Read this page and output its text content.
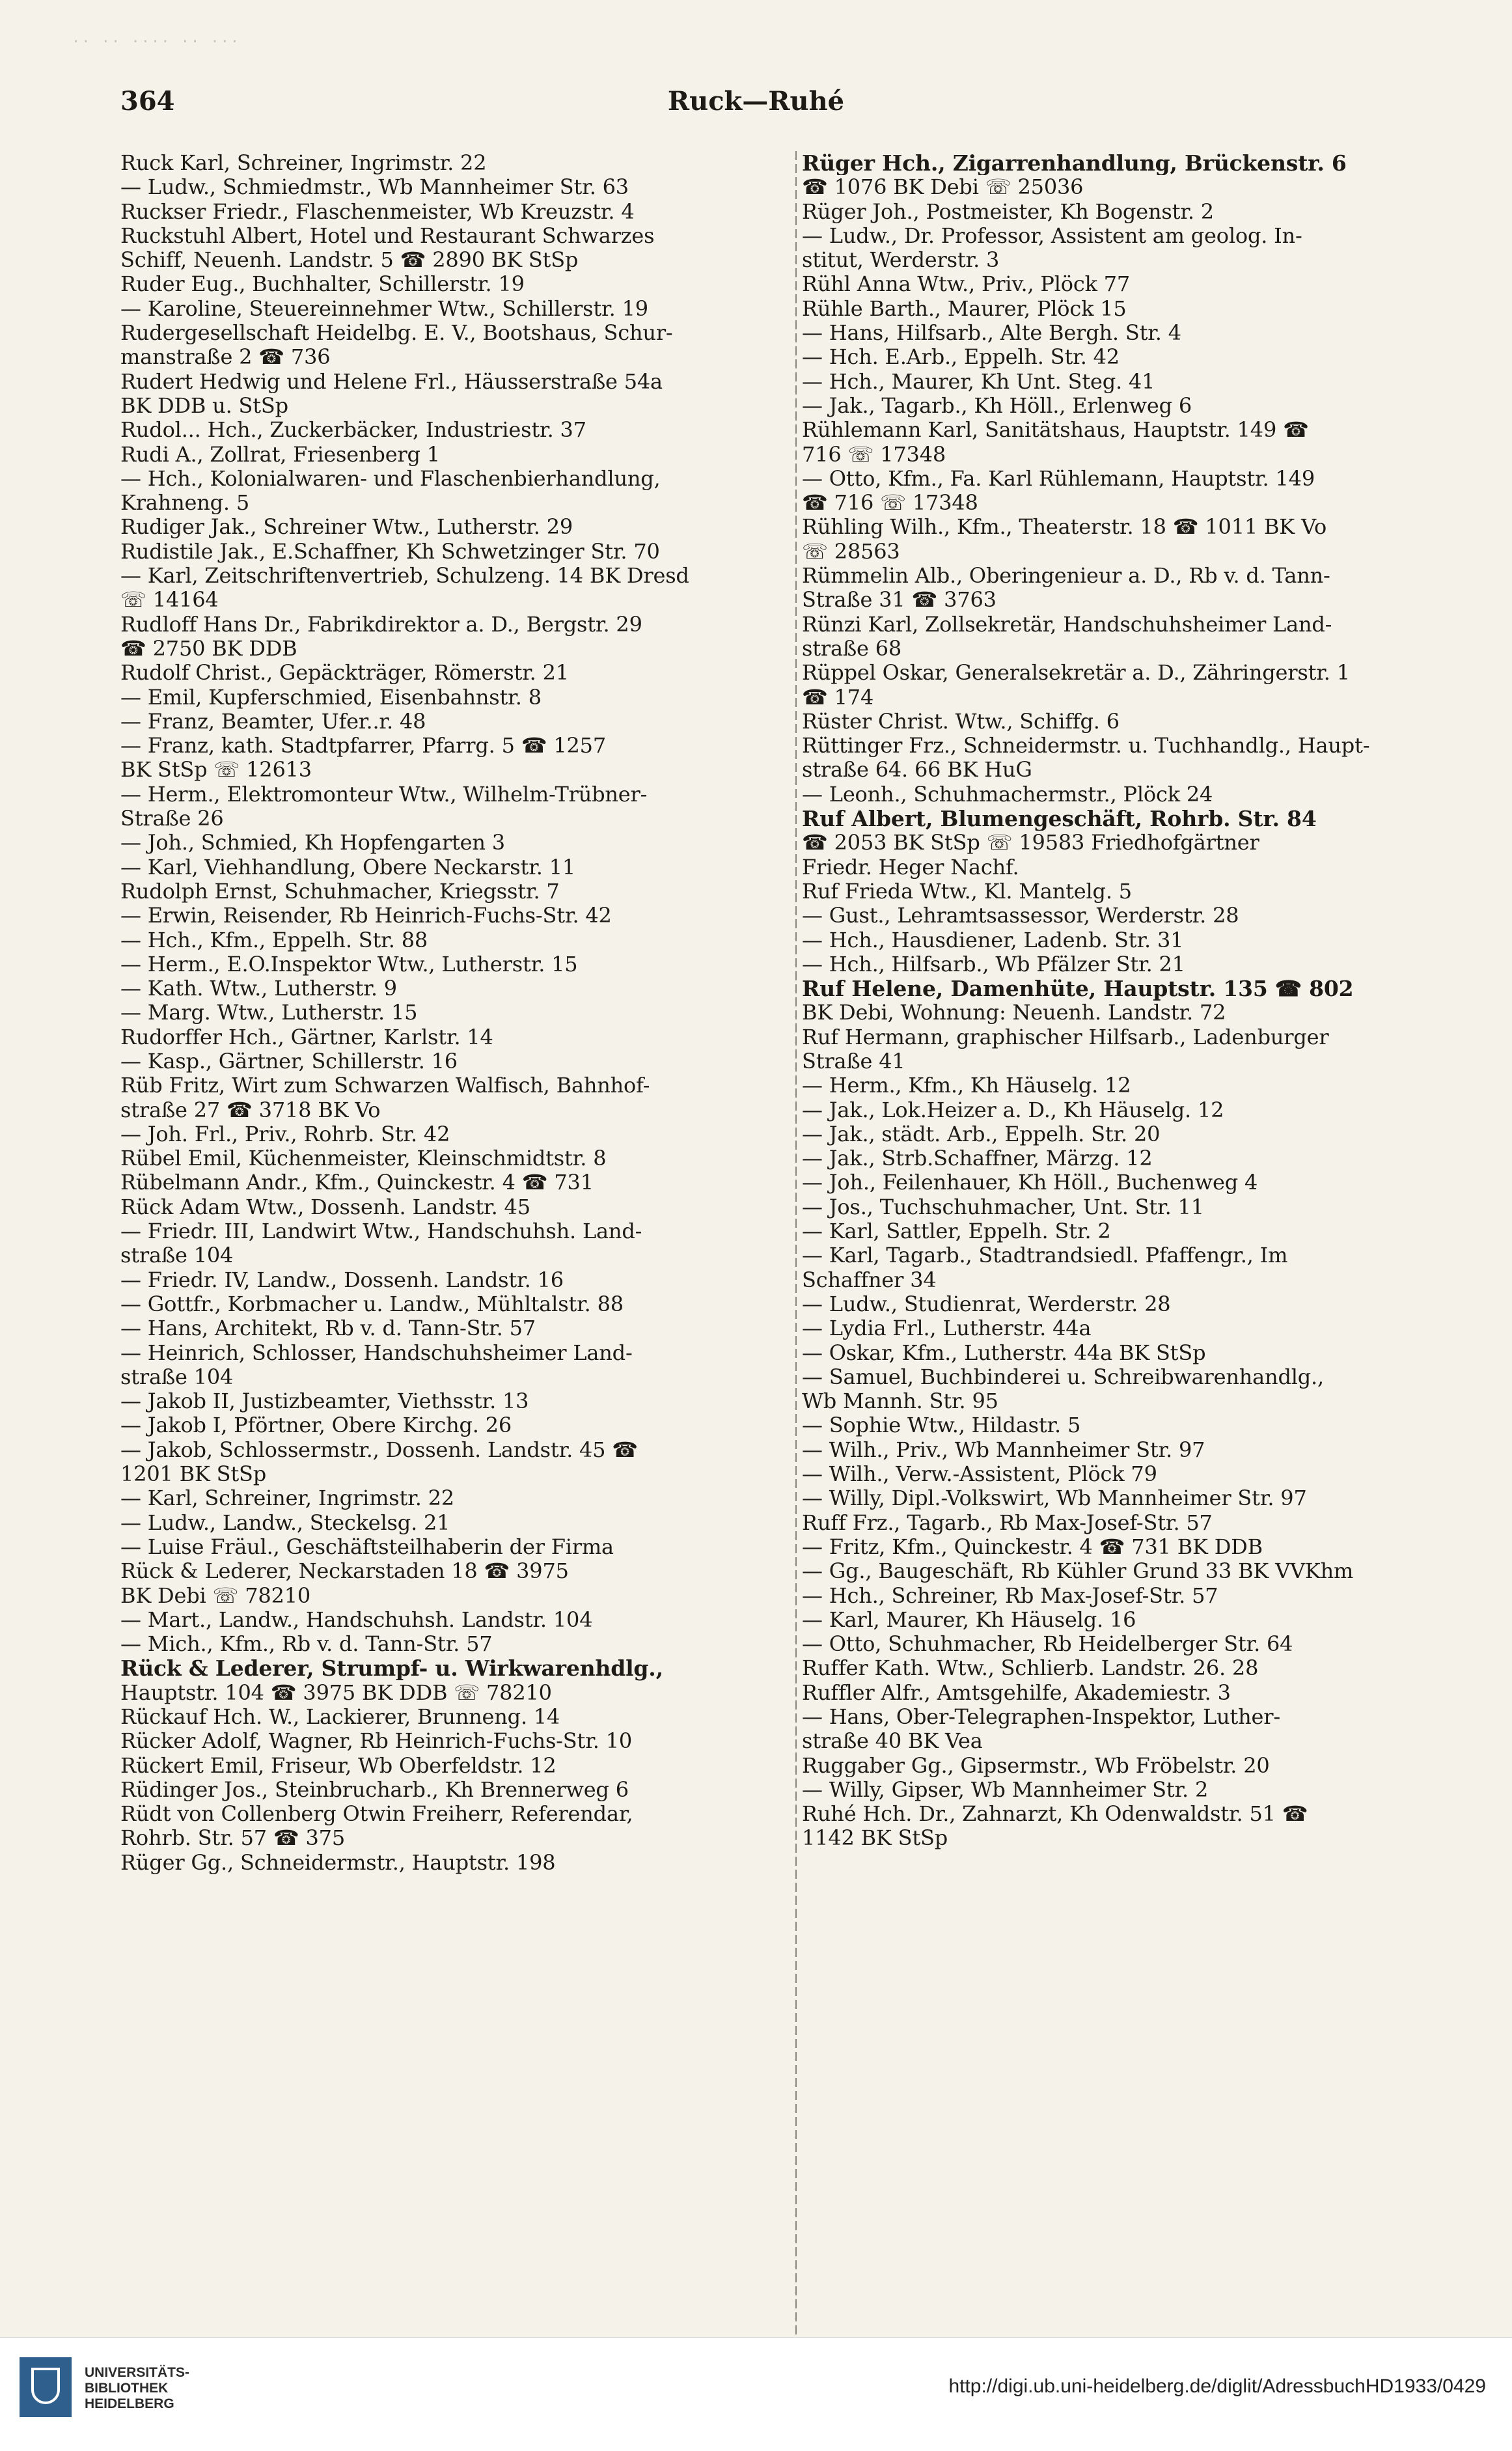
·· ·· ···· ·· ···
364	Ruck—Ruhé
Ruck Karl, Schreiner, Ingrimstr. 22
— Ludw., Schmiedmstr., Wb Mannheimer Str. 63
Ruckser Friedr., Flaschenmeister, Wb Kreuzstr. 4
Ruckstuhl Albert, Hotel und Restaurant Schwarzes
Schiff, Neuenh. Landstr. 5 ☎ 2890 BK StSp
Ruder Eug., Buchhalter, Schillerstr. 19
— Karoline, Steuereinnehmer Wtw., Schillerstr. 19
Rudergesellschaft Heidelbg. E. V., Bootshaus, Schur-
manstraße 2 ☎ 736
Rudert Hedwig und Helene Frl., Häusserstraße 54a
BK DDB u. StSp
Rudol... Hch., Zuckerbäcker, Industriestr. 37
Rudi A., Zollrat, Friesenberg 1
— Hch., Kolonialwaren- und Flaschenbierhandlung,
Krahneng. 5
Rudiger Jak., Schreiner Wtw., Lutherstr. 29
Rudistile Jak., E.Schaffner, Kh Schwetzinger Str. 70
— Karl, Zeitschriftenvertrieb, Schulzeng. 14 BK Dresd
☏ 14164
Rudloff Hans Dr., Fabrikdirektor a. D., Bergstr. 29
☎ 2750 BK DDB
Rudolf Christ., Gepäckträger, Römerstr. 21
— Emil, Kupferschmied, Eisenbahnstr. 8
— Franz, Beamter, Ufer..r. 48
— Franz, kath. Stadtpfarrer, Pfarrg. 5 ☎ 1257
BK StSp ☏ 12613
— Herm., Elektromonteur Wtw., Wilhelm-Trübner-
Straße 26
— Joh., Schmied, Kh Hopfengarten 3
— Karl, Viehhandlung, Obere Neckarstr. 11
Rudolph Ernst, Schuhmacher, Kriegsstr. 7
— Erwin, Reisender, Rb Heinrich-Fuchs-Str. 42
— Hch., Kfm., Eppelh. Str. 88
— Herm., E.O.Inspektor Wtw., Lutherstr. 15
— Kath. Wtw., Lutherstr. 9
— Marg. Wtw., Lutherstr. 15
Rudorffer Hch., Gärtner, Karlstr. 14
— Kasp., Gärtner, Schillerstr. 16
Rüb Fritz, Wirt zum Schwarzen Walfisch, Bahnhof-
straße 27 ☎ 3718 BK Vo
— Joh. Frl., Priv., Rohrb. Str. 42
Rübel Emil, Küchenmeister, Kleinschmidtstr. 8
Rübelmann Andr., Kfm., Quinckestr. 4 ☎ 731
Rück Adam Wtw., Dossenh. Landstr. 45
— Friedr. III, Landwirt Wtw., Handschuhsh. Land-
straße 104
— Friedr. IV, Landw., Dossenh. Landstr. 16
— Gottfr., Korbmacher u. Landw., Mühltalstr. 88
— Hans, Architekt, Rb v. d. Tann-Str. 57
— Heinrich, Schlosser, Handschuhsheimer Land-
straße 104
— Jakob II, Justizbeamter, Viethsstr. 13
— Jakob I, Pförtner, Obere Kirchg. 26
— Jakob, Schlossermstr., Dossenh. Landstr. 45 ☎
1201 BK StSp
— Karl, Schreiner, Ingrimstr. 22
— Ludw., Landw., Steckelsg. 21
— Luise Fräul., Geschäftsteilhaberin der Firma
Rück & Lederer, Neckarstaden 18 ☎ 3975
BK Debi ☏ 78210
— Mart., Landw., Handschuhsh. Landstr. 104
— Mich., Kfm., Rb v. d. Tann-Str. 57
Rück & Lederer, Strumpf- u. Wirkwarenhdlg.,
Hauptstr. 104 ☎ 3975 BK DDB ☏ 78210
Rückauf Hch. W., Lackierer, Brunneng. 14
Rücker Adolf, Wagner, Rb Heinrich-Fuchs-Str. 10
Rückert Emil, Friseur, Wb Oberfeldstr. 12
Rüdinger Jos., Steinbrucharb., Kh Brennerweg 6
Rüdt von Collenberg Otwin Freiherr, Referendar,
Rohrb. Str. 57 ☎ 375
Rüger Gg., Schneidermstr., Hauptstr. 198
Rüger Hch., Zigarrenhandlung, Brückenstr. 6
☎ 1076 BK Debi ☏ 25036
Rüger Joh., Postmeister, Kh Bogenstr. 2
— Ludw., Dr. Professor, Assistent am geolog. In-
stitut, Werderstr. 3
Rühl Anna Wtw., Priv., Plöck 77
Rühle Barth., Maurer, Plöck 15
— Hans, Hilfsarb., Alte Bergh. Str. 4
— Hch. E.Arb., Eppelh. Str. 42
— Hch., Maurer, Kh Unt. Steg. 41
— Jak., Tagarb., Kh Höll., Erlenweg 6
Rühlemann Karl, Sanitätshaus, Hauptstr. 149 ☎
716 ☏ 17348
— Otto, Kfm., Fa. Karl Rühlemann, Hauptstr. 149
☎ 716 ☏ 17348
Rühling Wilh., Kfm., Theaterstr. 18 ☎ 1011 BK Vo
☏ 28563
Rümmelin Alb., Oberingenieur a. D., Rb v. d. Tann-
Straße 31 ☎ 3763
Rünzi Karl, Zollsekretär, Handschuhsheimer Land-
straße 68
Rüppel Oskar, Generalsekretär a. D., Zähringerstr. 1
☎ 174
Rüster Christ. Wtw., Schiffg. 6
Rüttinger Frz., Schneidermstr. u. Tuchhandlg., Haupt-
straße 64. 66 BK HuG
— Leonh., Schuhmachermstr., Plöck 24
Ruf Albert, Blumengeschäft, Rohrb. Str. 84
☎ 2053 BK StSp ☏ 19583 Friedhofgärtner
Friedr. Heger Nachf.
Ruf Frieda Wtw., Kl. Mantelg. 5
— Gust., Lehramtsassessor, Werderstr. 28
— Hch., Hausdiener, Ladenb. Str. 31
— Hch., Hilfsarb., Wb Pfälzer Str. 21
Ruf Helene, Damenhüte, Hauptstr. 135 ☎ 802
BK Debi, Wohnung: Neuenh. Landstr. 72
Ruf Hermann, graphischer Hilfsarb., Ladenburger
Straße 41
— Herm., Kfm., Kh Häuselg. 12
— Jak., Lok.Heizer a. D., Kh Häuselg. 12
— Jak., städt. Arb., Eppelh. Str. 20
— Jak., Strb.Schaffner, Märzg. 12
— Joh., Feilenhauer, Kh Höll., Buchenweg 4
— Jos., Tuchschuhmacher, Unt. Str. 11
— Karl, Sattler, Eppelh. Str. 2
— Karl, Tagarb., Stadtrandsiedl. Pfaffengr., Im
Schaffner 34
— Ludw., Studienrat, Werderstr. 28
— Lydia Frl., Lutherstr. 44a
— Oskar, Kfm., Lutherstr. 44a BK StSp
— Samuel, Buchbinderei u. Schreibwarenhandlg.,
Wb Mannh. Str. 95
— Sophie Wtw., Hildastr. 5
— Wilh., Priv., Wb Mannheimer Str. 97
— Wilh., Verw.-Assistent, Plöck 79
— Willy, Dipl.-Volkswirt, Wb Mannheimer Str. 97
Ruff Frz., Tagarb., Rb Max-Josef-Str. 57
— Fritz, Kfm., Quinckestr. 4 ☎ 731 BK DDB
— Gg., Baugeschäft, Rb Kühler Grund 33 BK VVKhm
— Hch., Schreiner, Rb Max-Josef-Str. 57
— Karl, Maurer, Kh Häuselg. 16
— Otto, Schuhmacher, Rb Heidelberger Str. 64
Ruffer Kath. Wtw., Schlierb. Landstr. 26. 28
Ruffler Alfr., Amtsgehilfe, Akademiestr. 3
— Hans, Ober-Telegraphen-Inspektor, Luther-
straße 40 BK Vea
Ruggaber Gg., Gipsermstr., Wb Fröbelstr. 20
— Willy, Gipser, Wb Mannheimer Str. 2
Ruhé Hch. Dr., Zahnarzt, Kh Odenwaldstr. 51 ☎
1142 BK StSp
UNIVERSITÄTS-
BIBLIOTHEK
HEIDELBERG
http://digi.ub.uni-heidelberg.de/diglit/AdressbuchHD1933/0429
